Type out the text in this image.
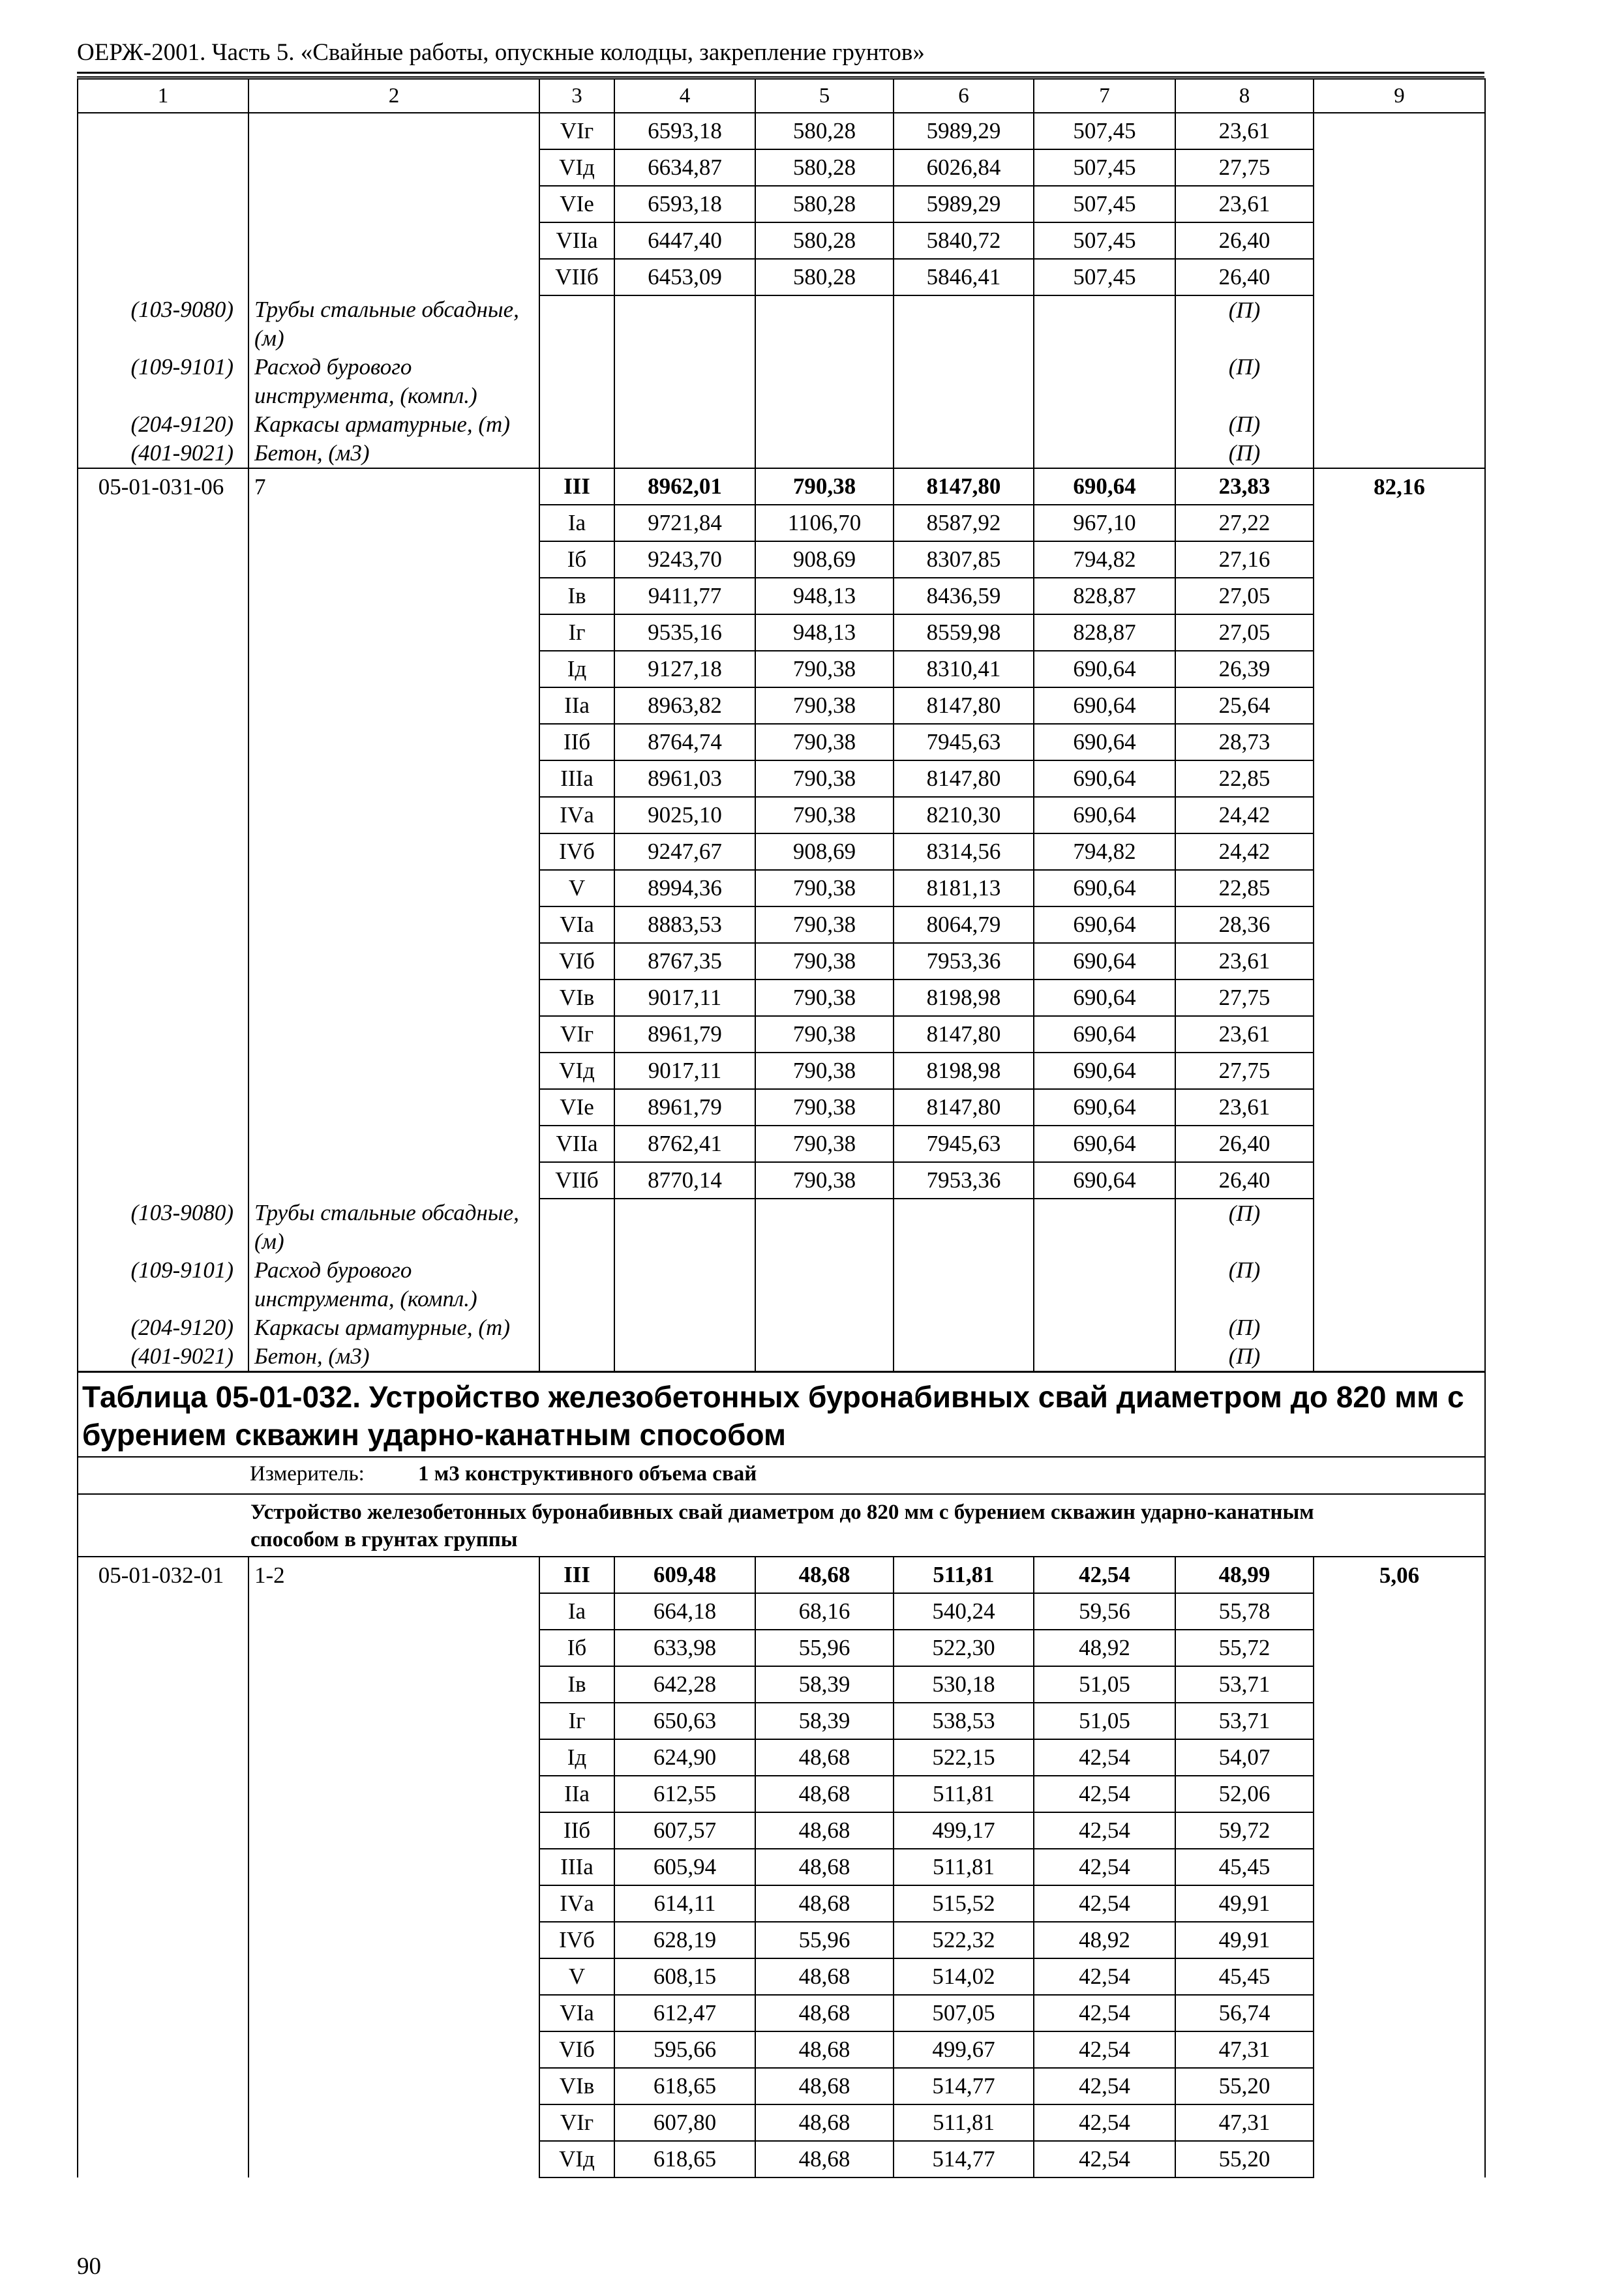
ОЕРЖ-2001. Часть 5. «Свайные работы, опускные колодцы, закрепление грунтов»
1	2	3	4	5	6	7	8	9
		VIг	6593,18	580,28	5989,29	507,45	23,61	
		VIд	6634,87	580,28	6026,84	507,45	27,75	
		VIе	6593,18	580,28	5989,29	507,45	23,61	
		VIIа	6447,40	580,28	5840,72	507,45	26,40	
		VIIб	6453,09	580,28	5846,41	507,45	26,40	
(103-9080)	Трубы стальные обсадные, (м)						(П)	
(109-9101)	Расход бурового инструмента, (компл.)						(П)	
(204-9120)	Каркасы арматурные, (т)						(П)	
(401-9021)	Бетон, (м3)						(П)	
05-01-031-06	7	III	8962,01	790,38	8147,80	690,64	23,83	82,16
		Iа	9721,84	1106,70	8587,92	967,10	27,22	
		Iб	9243,70	908,69	8307,85	794,82	27,16	
		Iв	9411,77	948,13	8436,59	828,87	27,05	
		Iг	9535,16	948,13	8559,98	828,87	27,05	
		Iд	9127,18	790,38	8310,41	690,64	26,39	
		IIа	8963,82	790,38	8147,80	690,64	25,64	
		IIб	8764,74	790,38	7945,63	690,64	28,73	
		IIIа	8961,03	790,38	8147,80	690,64	22,85	
		IVа	9025,10	790,38	8210,30	690,64	24,42	
		IVб	9247,67	908,69	8314,56	794,82	24,42	
		V	8994,36	790,38	8181,13	690,64	22,85	
		VIа	8883,53	790,38	8064,79	690,64	28,36	
		VIб	8767,35	790,38	7953,36	690,64	23,61	
		VIв	9017,11	790,38	8198,98	690,64	27,75	
		VIг	8961,79	790,38	8147,80	690,64	23,61	
		VIд	9017,11	790,38	8198,98	690,64	27,75	
		VIе	8961,79	790,38	8147,80	690,64	23,61	
		VIIа	8762,41	790,38	7945,63	690,64	26,40	
		VIIб	8770,14	790,38	7953,36	690,64	26,40	
(103-9080)	Трубы стальные обсадные, (м)						(П)	
(109-9101)	Расход бурового инструмента, (компл.)						(П)	
(204-9120)	Каркасы арматурные, (т)						(П)	
(401-9021)	Бетон, (м3)						(П)	
Таблица 05-01-032. Устройство железобетонных буронабивных свай диаметром до 820 мм с бурением скважин ударно-канатным способом								
Измеритель: 1 м3 конструктивного объема свай								
Устройство железобетонных буронабивных свай диаметром до 820 мм с бурением скважин ударно-канатным способом в грунтах группы								
05-01-032-01	1-2	III	609,48	48,68	511,81	42,54	48,99	5,06
		Iа	664,18	68,16	540,24	59,56	55,78	
		Iб	633,98	55,96	522,30	48,92	55,72	
		Iв	642,28	58,39	530,18	51,05	53,71	
		Iг	650,63	58,39	538,53	51,05	53,71	
		Iд	624,90	48,68	522,15	42,54	54,07	
		IIа	612,55	48,68	511,81	42,54	52,06	
		IIб	607,57	48,68	499,17	42,54	59,72	
		IIIа	605,94	48,68	511,81	42,54	45,45	
		IVа	614,11	48,68	515,52	42,54	49,91	
		IVб	628,19	55,96	522,32	48,92	49,91	
		V	608,15	48,68	514,02	42,54	45,45	
		VIа	612,47	48,68	507,05	42,54	56,74	
		VIб	595,66	48,68	499,67	42,54	47,31	
		VIв	618,65	48,68	514,77	42,54	55,20	
		VIг	607,80	48,68	511,81	42,54	47,31	
		VIд	618,65	48,68	514,77	42,54	55,20	
90
